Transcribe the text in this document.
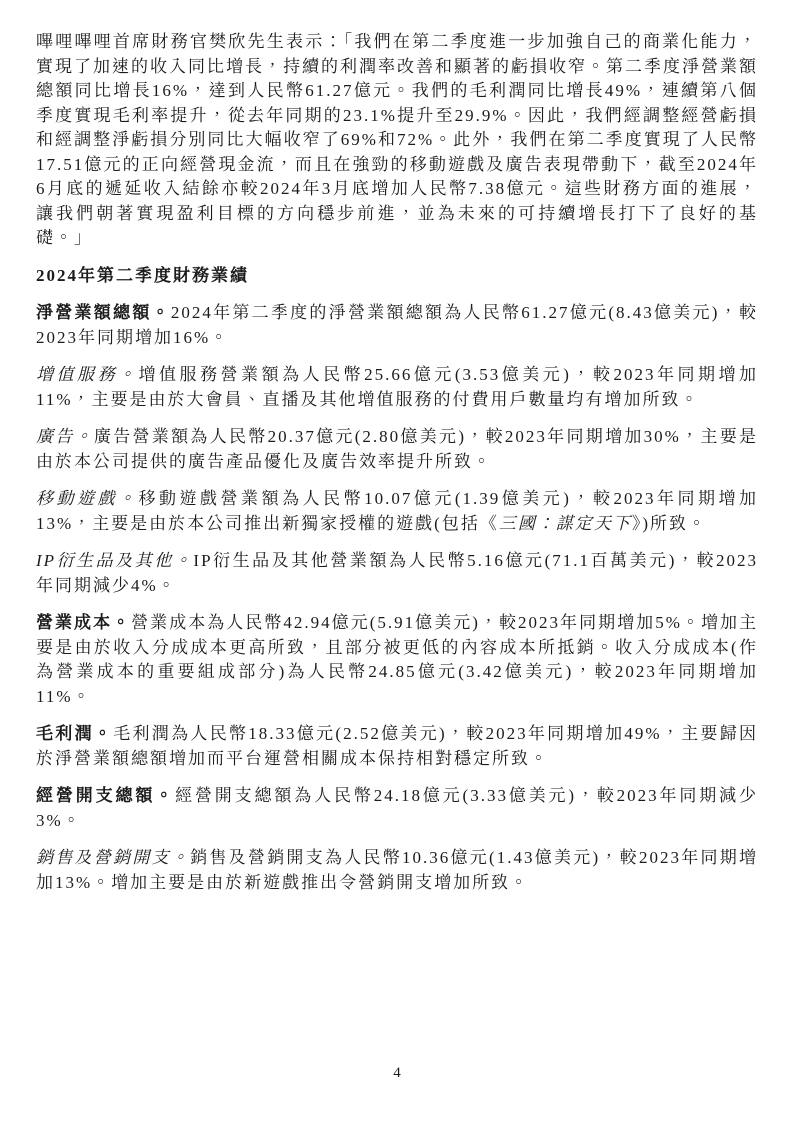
嗶哩嗶哩首席財務官樊欣先生表示：「我們在第二季度進一步加強自己的商業化能力，實現了加速的收入同比增長，持續的利潤率改善和顯著的虧損收窄。第二季度淨營業額總額同比增長16%，達到人民幣61.27億元。我們的毛利潤同比增長49%，連續第八個季度實現毛利率提升，從去年同期的23.1%提升至29.9%。因此，我們經調整經營虧損和經調整淨虧損分別同比大幅收窄了69%和72%。此外，我們在第二季度實現了人民幣17.51億元的正向經營現金流，而且在強勁的移動遊戲及廣告表現帶動下，截至2024年6月底的遞延收入結餘亦較2024年3月底增加人民幣7.38億元。這些財務方面的進展，讓我們朝著實現盈利目標的方向穩步前進，並為未來的可持續增長打下了良好的基礎。」

2024年第二季度財務業績

淨營業額總額。2024年第二季度的淨營業額總額為人民幣61.27億元(8.43億美元)，較2023年同期增加16%。

增值服務。增值服務營業額為人民幣25.66億元(3.53億美元)，較2023年同期增加11%，主要是由於大會員、直播及其他增值服務的付費用戶數量均有增加所致。

廣告。廣告營業額為人民幣20.37億元(2.80億美元)，較2023年同期增加30%，主要是由於本公司提供的廣告產品優化及廣告效率提升所致。

移動遊戲。移動遊戲營業額為人民幣10.07億元(1.39億美元)，較2023年同期增加13%，主要是由於本公司推出新獨家授權的遊戲(包括《三國：謀定天下》)所致。

IP衍生品及其他。IP衍生品及其他營業額為人民幣5.16億元(71.1百萬美元)，較2023年同期減少4%。

營業成本。營業成本為人民幣42.94億元(5.91億美元)，較2023年同期增加5%。增加主要是由於收入分成成本更高所致，且部分被更低的內容成本所抵銷。收入分成成本(作為營業成本的重要組成部分)為人民幣24.85億元(3.42億美元)，較2023年同期增加11%。

毛利潤。毛利潤為人民幣18.33億元(2.52億美元)，較2023年同期增加49%，主要歸因於淨營業額總額增加而平台運營相關成本保持相對穩定所致。

經營開支總額。經營開支總額為人民幣24.18億元(3.33億美元)，較2023年同期減少3%。

銷售及營銷開支。銷售及營銷開支為人民幣10.36億元(1.43億美元)，較2023年同期增加13%。增加主要是由於新遊戲推出令營銷開支增加所致。

4
